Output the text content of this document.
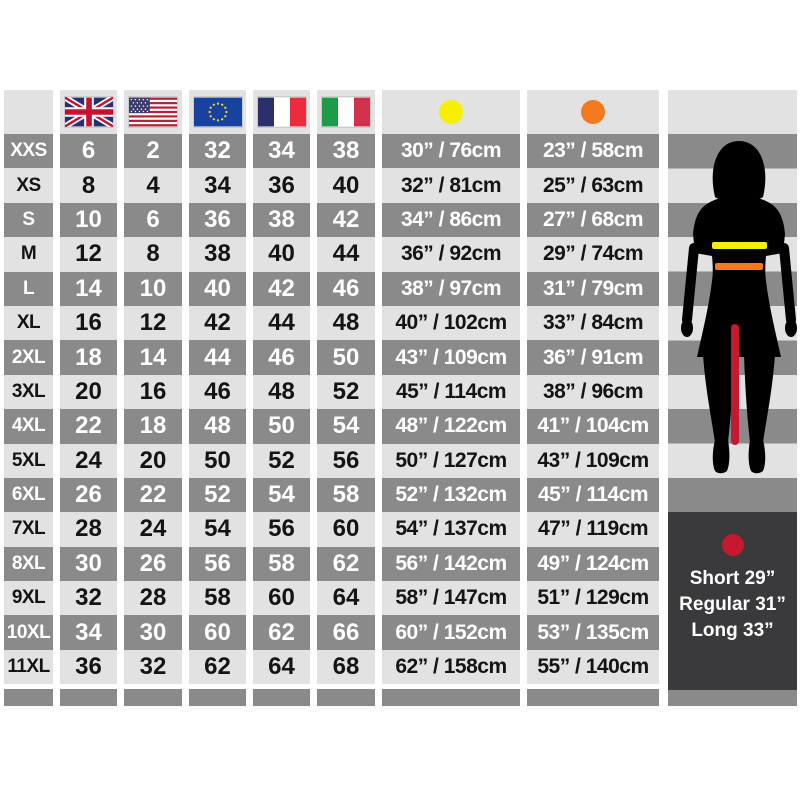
XXS	6	2	32	34	38	30” / 76cm	23” / 58cm
XS	8	4	34	36	40	32” / 81cm	25” / 63cm
S	10	6	36	38	42	34” / 86cm	27” / 68cm
M	12	8	38	40	44	36” / 92cm	29” / 74cm
L	14	10	40	42	46	38” / 97cm	31” / 79cm
XL	16	12	42	44	48	40” / 102cm	33” / 84cm
2XL	18	14	44	46	50	43” / 109cm	36” / 91cm
3XL	20	16	46	48	52	45” / 114cm	38” / 96cm
4XL	22	18	48	50	54	48” / 122cm	41” / 104cm
5XL	24	20	50	52	56	50” / 127cm	43” / 109cm
6XL	26	22	52	54	58	52” / 132cm	45” / 114cm
7XL	28	24	54	56	60	54” / 137cm	47” / 119cm
8XL	30	26	56	58	62	56” / 142cm	49” / 124cm
9XL	32	28	58	60	64	58” / 147cm	51” / 129cm
10XL	34	30	60	62	66	60” / 152cm	53” / 135cm
11XL	36	32	62	64	68	62” / 158cm	55” / 140cm
Short 29”
Regular 31”
Long 33”
